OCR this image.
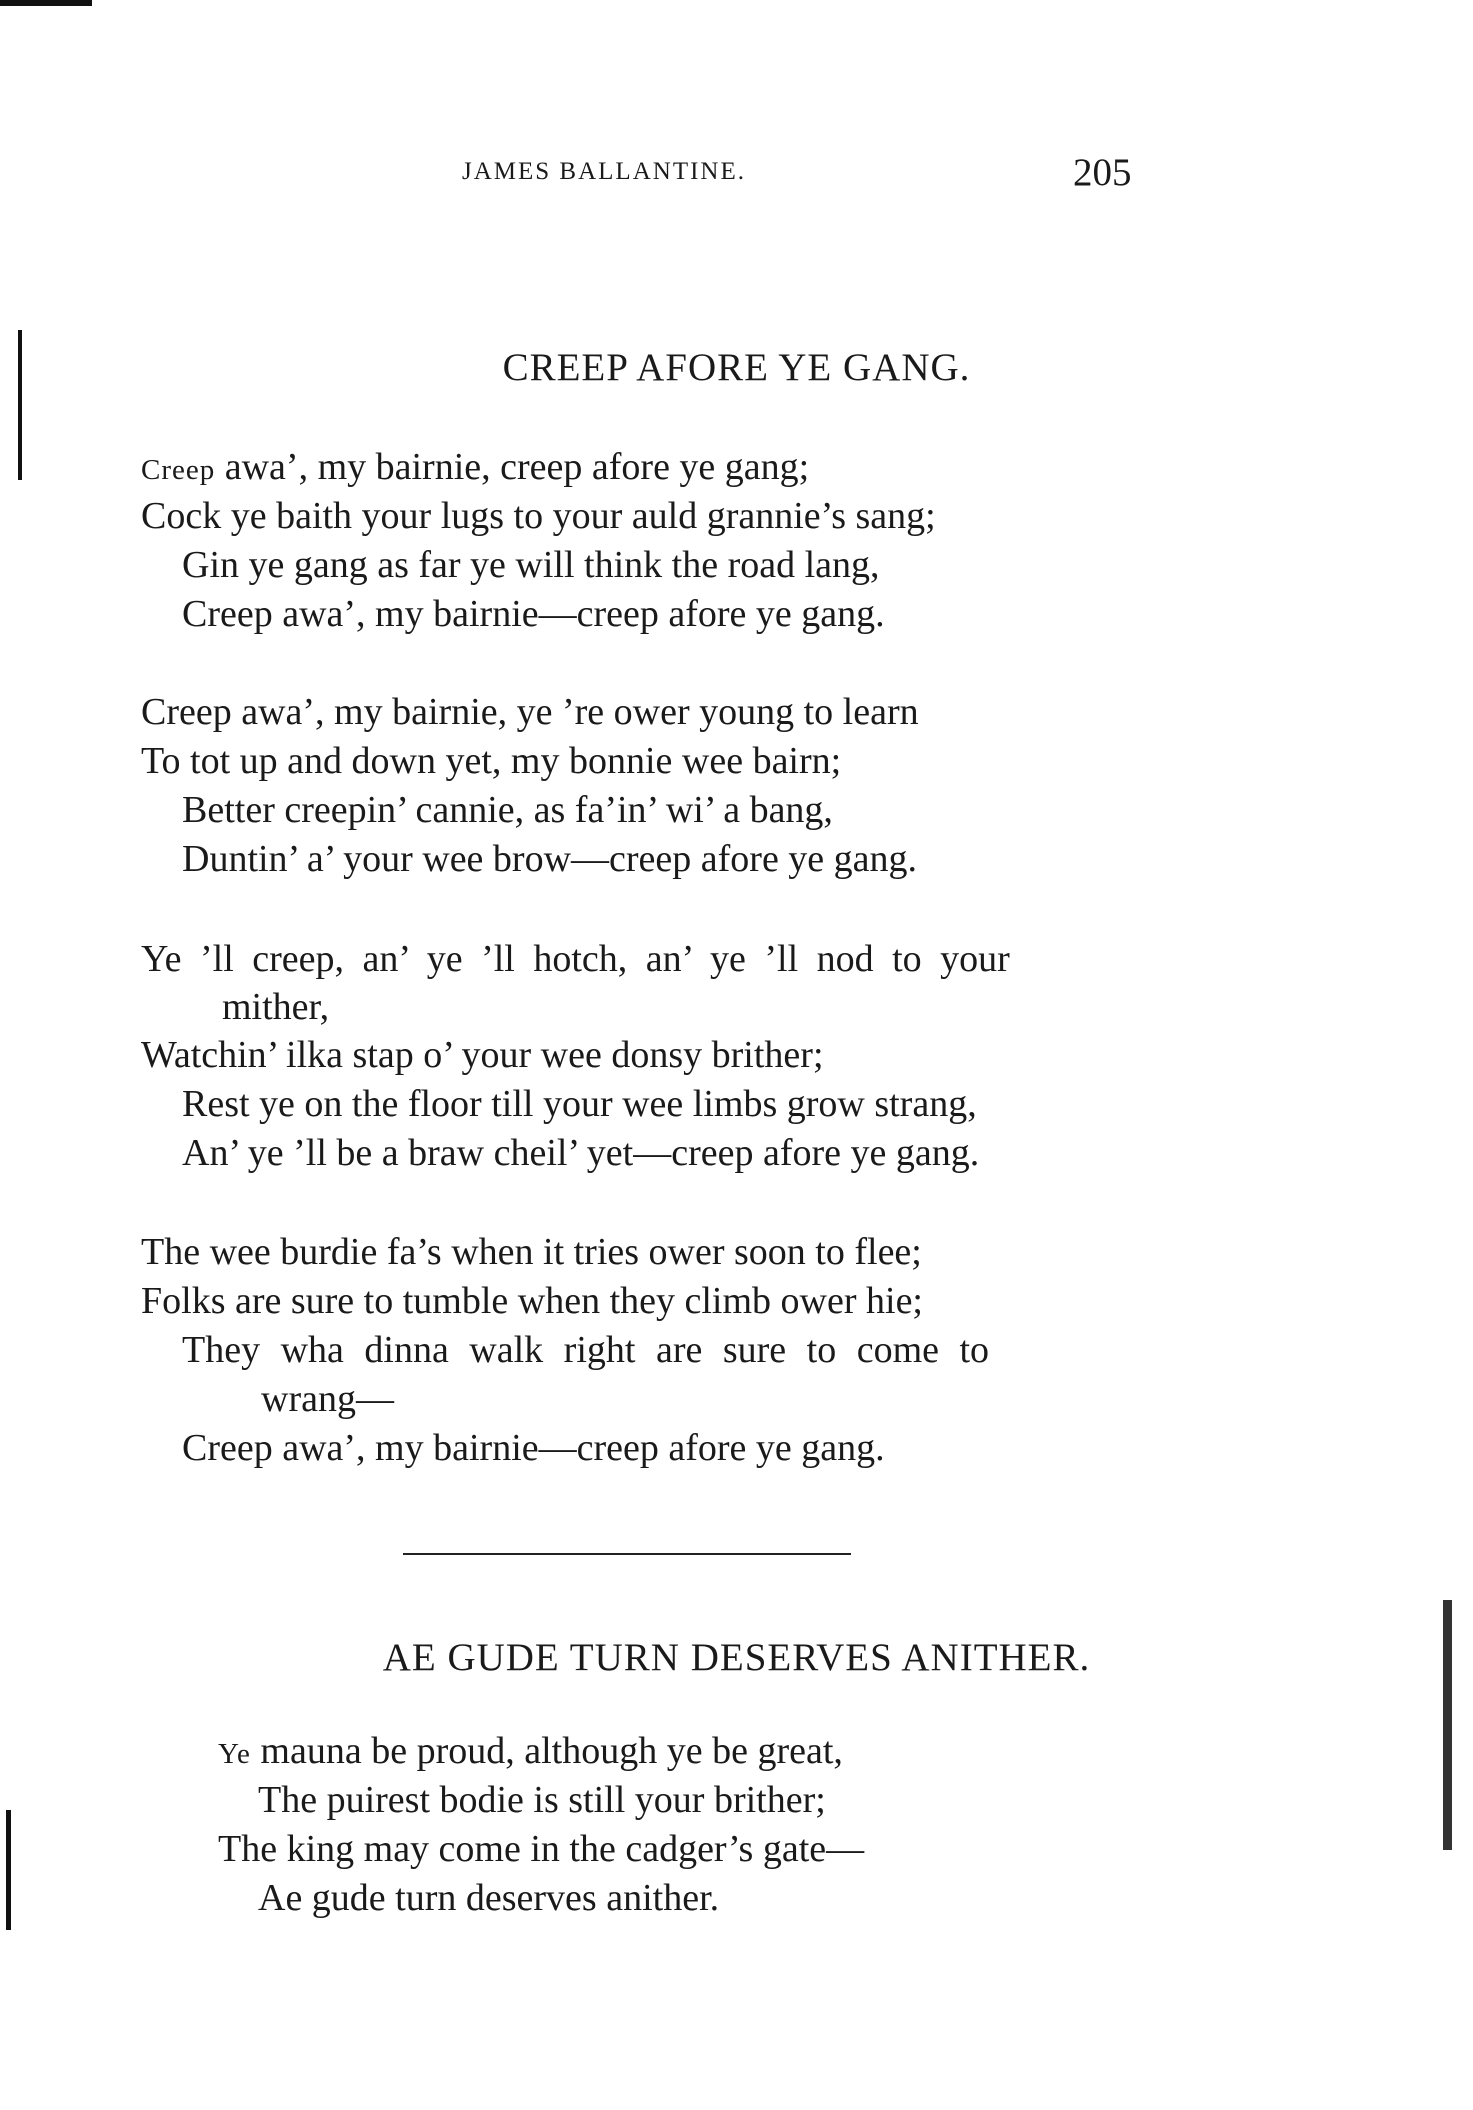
JAMES BALLANTINE.	205
CREEP AFORE YE GANG.
Creep awa’, my bairnie, creep afore ye gang;
Cock ye baith your lugs to your auld grannie’s sang;
Gin ye gang as far ye will think the road lang,
Creep awa’, my bairnie—creep afore ye gang.
Creep awa’, my bairnie, ye ’re ower young to learn
To tot up and down yet, my bonnie wee bairn;
Better creepin’ cannie, as fa’in’ wi’ a bang,
Duntin’ a’ your wee brow—creep afore ye gang.
Ye ’ll creep, an’ ye ’ll hotch, an’ ye ’ll nod to your
mither,
Watchin’ ilka stap o’ your wee donsy brither;
Rest ye on the floor till your wee limbs grow strang,
An’ ye ’ll be a braw cheil’ yet—creep afore ye gang.
The wee burdie fa’s when it tries ower soon to flee;
Folks are sure to tumble when they climb ower hie;
They wha dinna walk right are sure to come to
wrang—
Creep awa’, my bairnie—creep afore ye gang.
AE GUDE TURN DESERVES ANITHER.
Ye mauna be proud, although ye be great,
The puirest bodie is still your brither;
The king may come in the cadger’s gate—
Ae gude turn deserves anither.
